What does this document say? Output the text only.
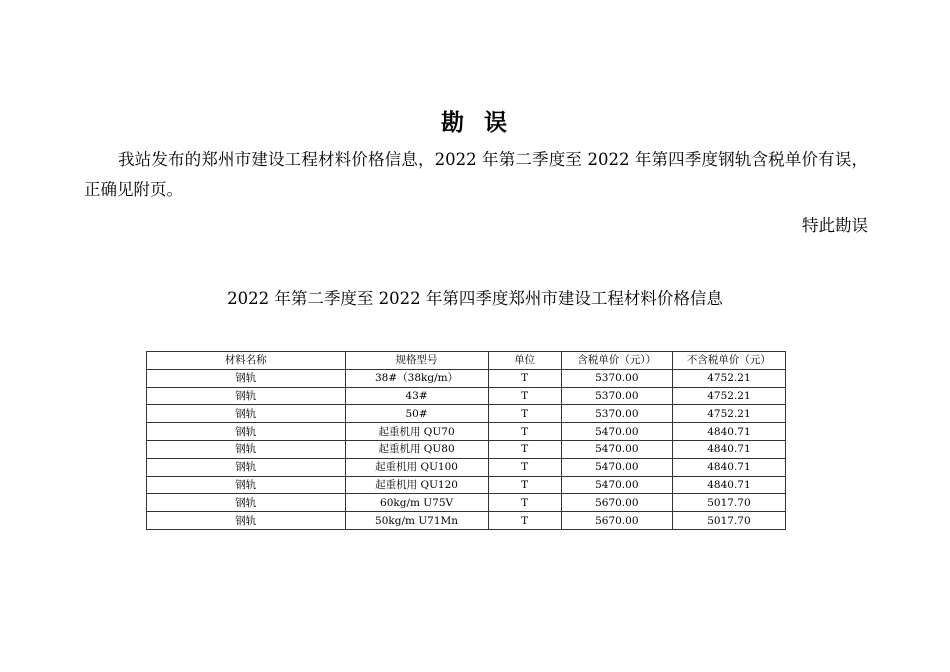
勘 误
我站发布的郑州市建设工程材料价格信息，2022 年第二季度至 2022 年第四季度钢轨含税单价有误，正确见附页。
特此勘误
2022 年第二季度至 2022 年第四季度郑州市建设工程材料价格信息
材料名称	规格型号	单位	含税单价（元））	不含税单价（元）
钢轨	38#（38kg/m）	T	5370.00	4752.21
钢轨	43#	T	5370.00	4752.21
钢轨	50#	T	5370.00	4752.21
钢轨	起重机用 QU70	T	5470.00	4840.71
钢轨	起重机用 QU80	T	5470.00	4840.71
钢轨	起重机用 QU100	T	5470.00	4840.71
钢轨	起重机用 QU120	T	5470.00	4840.71
钢轨	60kg/m U75V	T	5670.00	5017.70
钢轨	50kg/m U71Mn	T	5670.00	5017.70
